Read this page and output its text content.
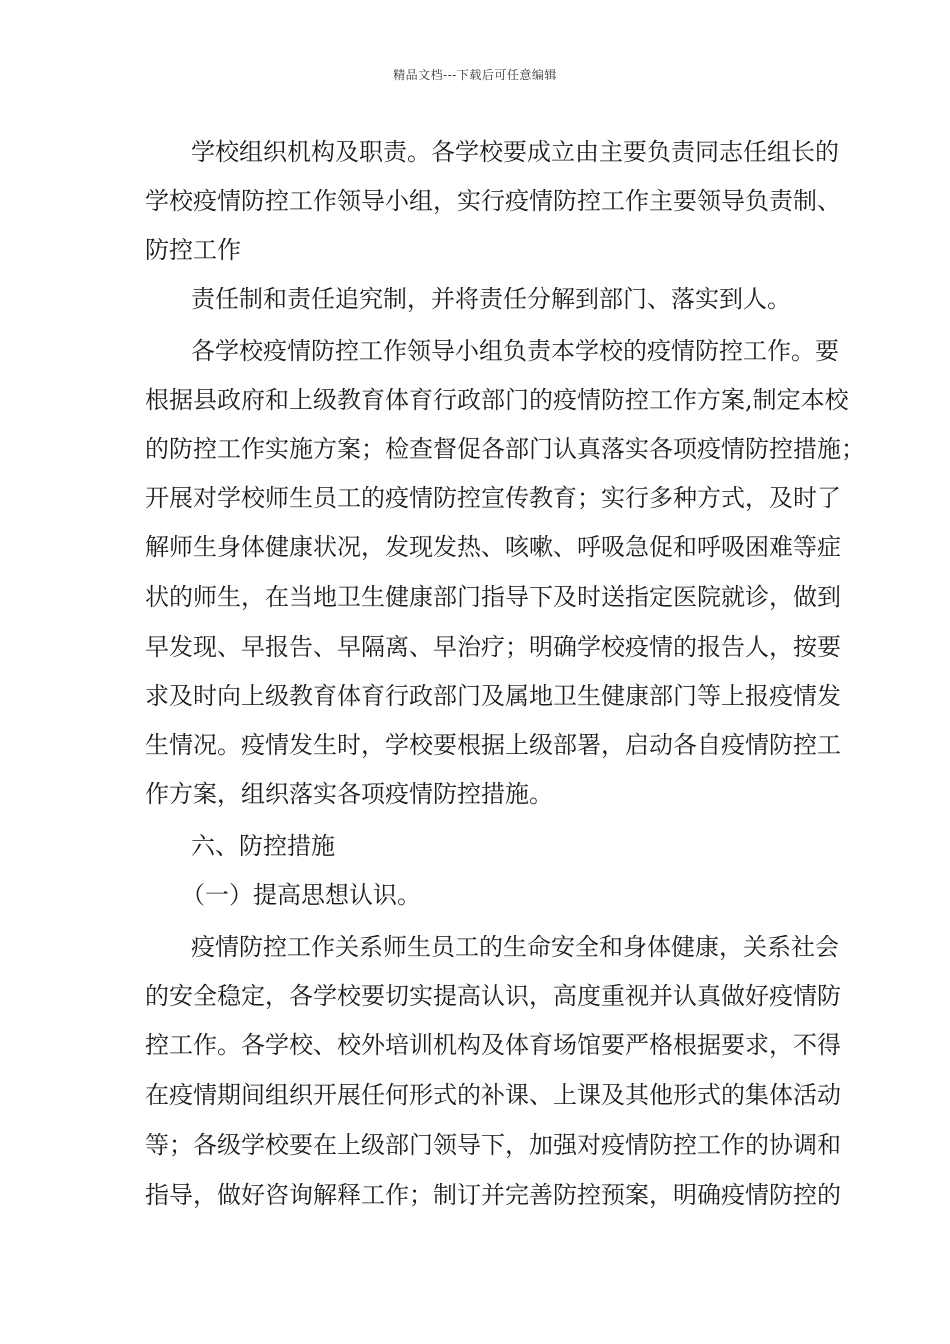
精品文档---下载后可任意编辑
学校组织机构及职责。各学校要成立由主要负责同志任组长的
学校疫情防控工作领导小组，实行疫情防控工作主要领导负责制、
防控工作
责任制和责任追究制，并将责任分解到部门、落实到人。
各学校疫情防控工作领导小组负责本学校的疫情防控工作。要
根据县政府和上级教育体育行政部门的疫情防控工作方案,制定本校
的防控工作实施方案；检查督促各部门认真落实各项疫情防控措施；
开展对学校师生员工的疫情防控宣传教育；实行多种方式，及时了
解师生身体健康状况，发现发热、咳嗽、呼吸急促和呼吸困难等症
状的师生，在当地卫生健康部门指导下及时送指定医院就诊，做到
早发现、早报告、早隔离、早治疗；明确学校疫情的报告人，按要
求及时向上级教育体育行政部门及属地卫生健康部门等上报疫情发
生情况。疫情发生时，学校要根据上级部署，启动各自疫情防控工
作方案，组织落实各项疫情防控措施。
六、防控措施
（一）提高思想认识。
疫情防控工作关系师生员工的生命安全和身体健康，关系社会
的安全稳定，各学校要切实提高认识，高度重视并认真做好疫情防
控工作。各学校、校外培训机构及体育场馆要严格根据要求，不得
在疫情期间组织开展任何形式的补课、上课及其他形式的集体活动
等；各级学校要在上级部门领导下，加强对疫情防控工作的协调和
指导，做好咨询解释工作；制订并完善防控预案，明确疫情防控的
